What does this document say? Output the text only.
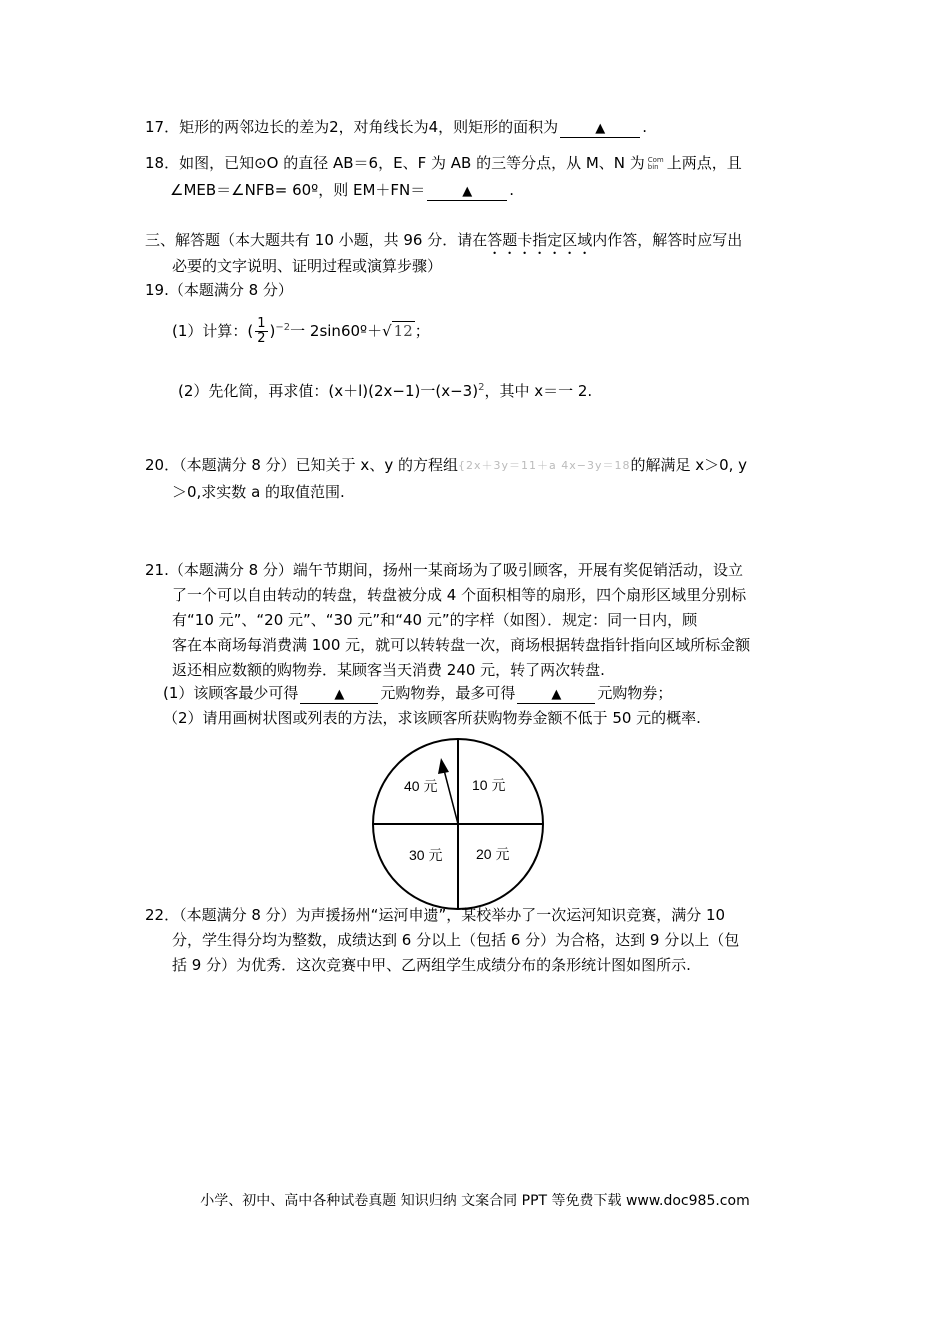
17．矩形的两邻边长的差为2，对角线长为4，则矩形的面积为	▲ .
18．如图，已知⊙O 的直径 AB＝6，E、F 为 AB 的三等分点，从 M、N 为 Com
bin 上两点，且
∠MEB＝∠NFB= 60º，则 EM＋FN＝	▲ .
三、解答题（本大题共有 10 小题，共 96 分．请在答题卡指定区域内作答，解答时应写出
必要的文字说明、证明过程或演算步骤）
19.（本题满分 8 分）
(1）计算：( $\frac{1}{2} )^{-2}$一 2sin60º＋√ 12 ；
(2）先化简，再求值：(x＋l)(2x−1)一$(x-3)^2$，其中 x＝一 2.
20．（本题满分 8 分）已知关于 x、y 的方程组{2x＋3y＝11＋a 4x−3y＝18的解满足 x＞0, y
＞0,求实数 a 的取值范围.
21.（本题满分 8 分）端午节期间，扬州一某商场为了吸引顾客，开展有奖促销活动，设立
了一个可以自由转动的转盘，转盘被分成 4 个面积相等的扇形，四个扇形区域里分别标
有“10 元”、“20 元”、“30 元”和“40 元”的字样（如图）．规定：同一日内，顾
客在本商场每消费满 100 元，就可以转转盘一次，商场根据转盘指针指向区域所标金额
返还相应数额的购物券．某顾客当天消费 240 元，转了两次转盘.
(1）该顾客最少可得	▲ 元购物券，最多可得	▲ 元购物券；
（2）请用画树状图或列表的方法，求该顾客所获购物券金额不低于 50 元的概率.
40 元 10 元
30 元 20 元
22．（本题满分 8 分）为声援扬州“运河申遗”，某校举办了一次运河知识竞赛，满分 10
分，学生得分均为整数，成绩达到 6 分以上（包括 6 分）为合格，达到 9 分以上（包
括 9 分）为优秀．这次竞赛中甲、乙两组学生成绩分布的条形统计图如图所示.
小学、初中、高中各种试卷真题 知识归纳 文案合同 PPT 等免费下载 www.doc985.com
